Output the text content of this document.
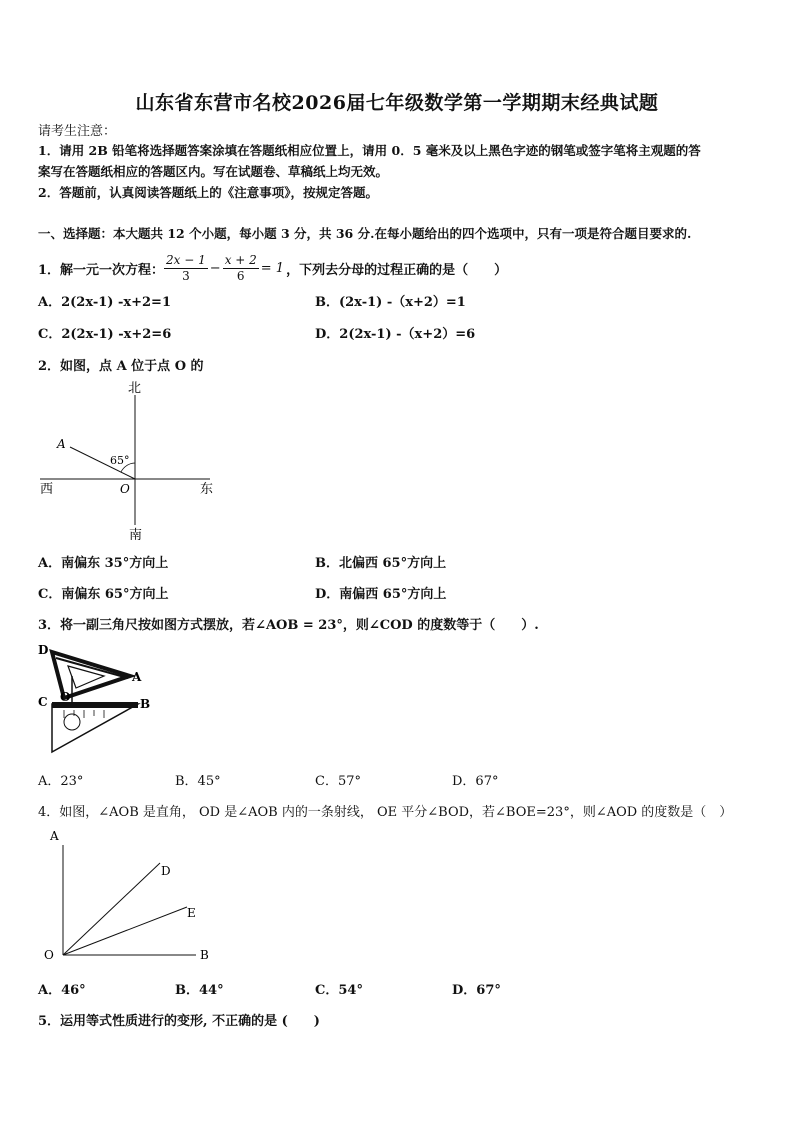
山东省东营市名校2026届七年级数学第一学期期末经典试题
请考生注意：
1．请用 2B 铅笔将选择题答案涂填在答题纸相应位置上，请用 0．5 毫米及以上黑色字迹的钢笔或签字笔将主观题的答
案写在答题纸相应的答题区内。写在试题卷、草稿纸上均无效。
2．答题前，认真阅读答题纸上的《注意事项》，按规定答题。
一、选择题：本大题共 12 个小题，每小题 3 分，共 36 分.在每小题给出的四个选项中，只有一项是符合题目要求的.
1．解一元一次方程： $\frac{2x - 1}{3} - \frac{x + 2}{6} = 1$ ，下列去分母的过程正确的是（　　）
A．2(2x-1) -x+2=1	B．(2x-1) -（x+2）=1
C．2(2x-1) -x+2=6	D．2(2x-1) -（x+2）=6
2．如图，点 A 位于点 O 的
北
南
西	东
A
O
65°
A．南偏东 35°方向上	B．北偏西 65°方向上
C．南偏东 65°方向上	D．南偏西 65°方向上
3．将一副三角尺按如图方式摆放，若∠AOB = 23°，则∠COD 的度数等于（　　）.
D
A
C O	B
A．23°	B．45°	C．57°	D．67°
4．如图，∠AOB 是直角， OD 是∠AOB 内的一条射线， OE 平分∠BOD，若∠BOE=23°，则∠AOD 的度数是（　）
A
D
E
O	B
A．46°	B．44°	C．54°	D．67°
5．运用等式性质进行的变形, 不正确的是 (　　)
